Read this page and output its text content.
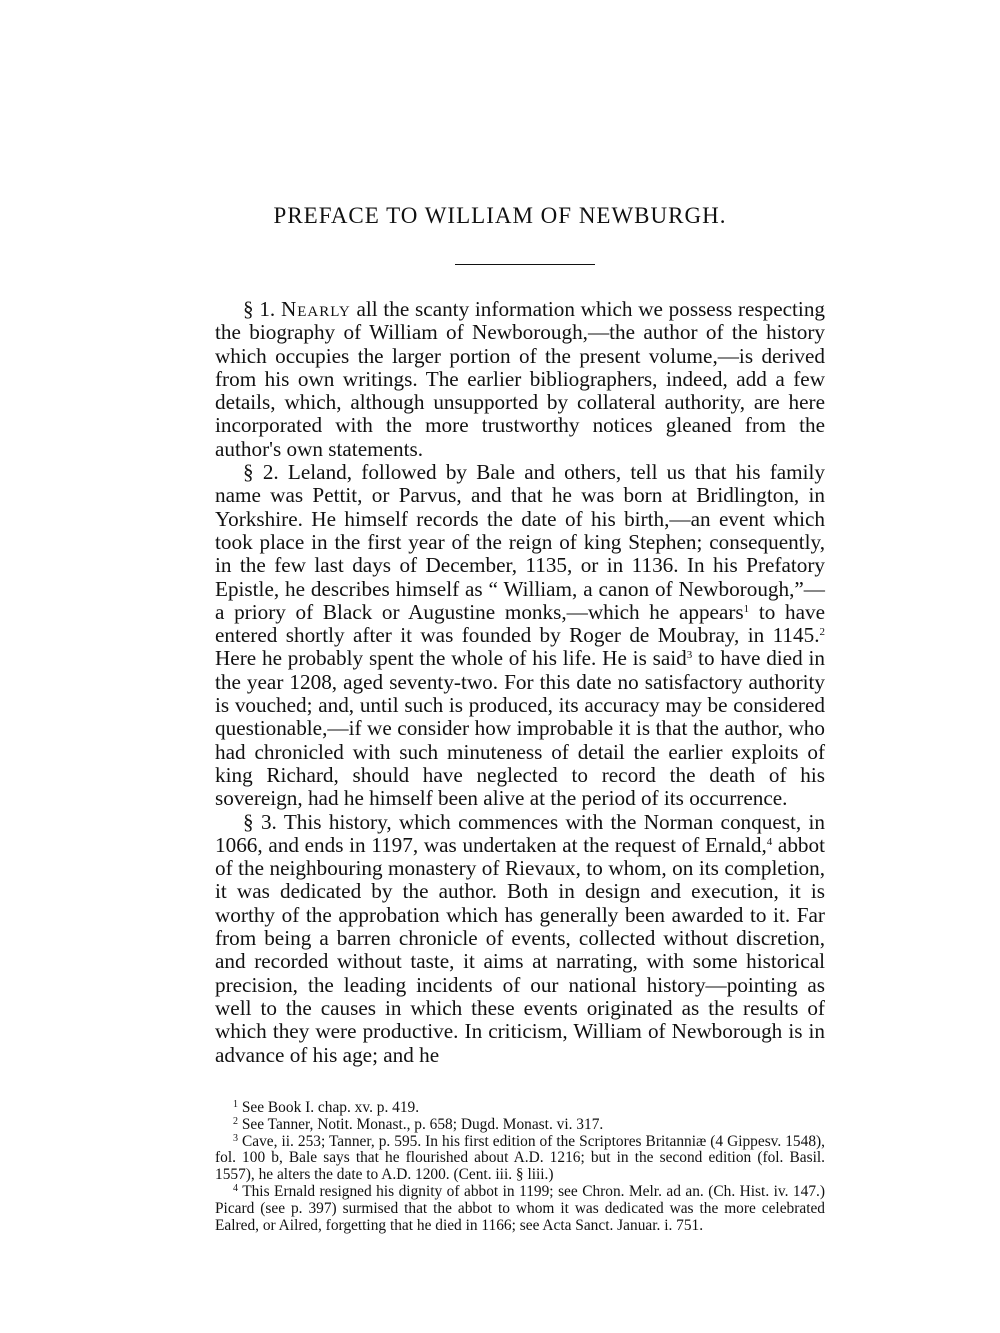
PREFACE TO WILLIAM OF NEWBURGH.

§ 1. Nearly all the scanty information which we possess respecting the biography of William of Newborough,—the author of the history which occupies the larger portion of the present volume,—is derived from his own writings. The earlier bibliographers, indeed, add a few details, which, although unsupported by collateral authority, are here incorporated with the more trustworthy notices gleaned from the author's own statements.

§ 2. Leland, followed by Bale and others, tell us that his family name was Pettit, or Parvus, and that he was born at Bridlington, in Yorkshire. He himself records the date of his birth,—an event which took place in the first year of the reign of king Stephen; consequently, in the few last days of December, 1135, or in 1136. In his Prefatory Epistle, he describes himself as “ William, a canon of Newborough,”—a priory of Black or Augustine monks,—which he appears$^1$ to have entered shortly after it was founded by Roger de Moubray, in 1145.$^2$ Here he probably spent the whole of his life. He is said$^3$ to have died in the year 1208, aged seventy-two. For this date no satisfactory authority is vouched; and, until such is produced, its accuracy may be considered questionable,—if we consider how improbable it is that the author, who had chronicled with such minuteness of detail the earlier exploits of king Richard, should have neglected to record the death of his sovereign, had he himself been alive at the period of its occurrence.

§ 3. This history, which commences with the Norman conquest, in 1066, and ends in 1197, was undertaken at the request of Ernald,$^4$ abbot of the neighbouring monastery of Rievaux, to whom, on its completion, it was dedicated by the author. Both in design and execution, it is worthy of the approbation which has generally been awarded to it. Far from being a barren chronicle of events, collected without discretion, and recorded without taste, it aims at narrating, with some historical precision, the leading incidents of our national history—pointing as well to the causes in which these events originated as the results of which they were productive. In criticism, William of Newborough is in advance of his age; and he

$^1$ See Book I. chap. xv. p. 419.

$^2$ See Tanner, Notit. Monast., p. 658; Dugd. Monast. vi. 317.

$^3$ Cave, ii. 253; Tanner, p. 595. In his first edition of the Scriptores Britanniæ (4 Gippesv. 1548), fol. 100 b, Bale says that he flourished about A.D. 1216; but in the second edition (fol. Basil. 1557), he alters the date to A.D. 1200. (Cent. iii. § liii.)

$^4$ This Ernald resigned his dignity of abbot in 1199; see Chron. Melr. ad an. (Ch. Hist. iv. 147.) Picard (see p. 397) surmised that the abbot to whom it was dedicated was the more celebrated Ealred, or Ailred, forgetting that he died in 1166; see Acta Sanct. Januar. i. 751.
